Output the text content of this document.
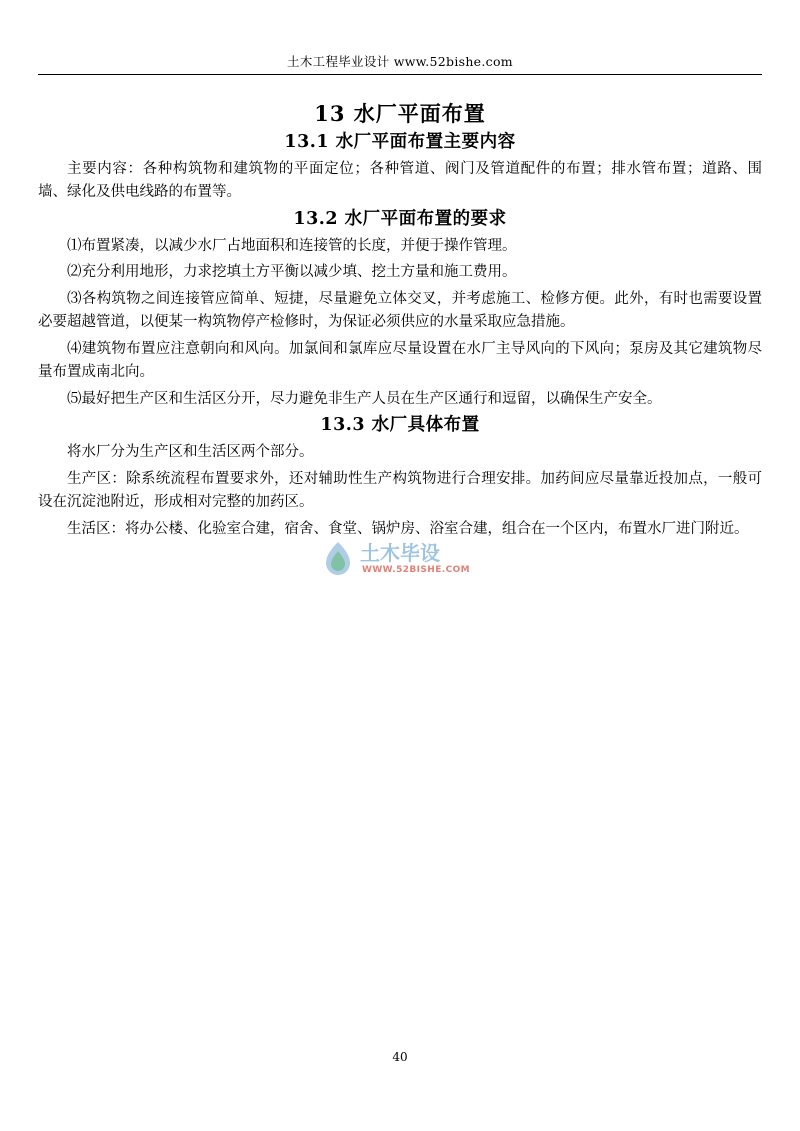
土木工程毕业设计 www.52bishe.com
13 水厂平面布置
13.1 水厂平面布置主要内容

主要内容：各种构筑物和建筑物的平面定位；各种管道、阀门及管道配件的布置；排水管布置；道路、围墙、绿化及供电线路的布置等。

13.2 水厂平面布置的要求

⑴布置紧凑，以减少水厂占地面积和连接管的长度，并便于操作管理。

⑵充分利用地形，力求挖填土方平衡以减少填、挖土方量和施工费用。

⑶各构筑物之间连接管应简单、短捷，尽量避免立体交叉，并考虑施工、检修方便。此外，有时也需要设置必要超越管道，以便某一构筑物停产检修时，为保证必须供应的水量采取应急措施。

⑷建筑物布置应注意朝向和风向。加氯间和氯库应尽量设置在水厂主导风向的下风向；泵房及其它建筑物尽量布置成南北向。

⑸最好把生产区和生活区分开，尽力避免非生产人员在生产区通行和逗留，以确保生产安全。

13.3 水厂具体布置

将水厂分为生产区和生活区两个部分。

生产区：除系统流程布置要求外，还对辅助性生产构筑物进行合理安排。加药间应尽量靠近投加点，一般可设在沉淀池附近，形成相对完整的加药区。

生活区：将办公楼、化验室合建，宿舍、食堂、锅炉房、浴室合建，组合在一个区内，布置水厂进门附近。

土木毕设
WWW.52BISHE.COM
40
